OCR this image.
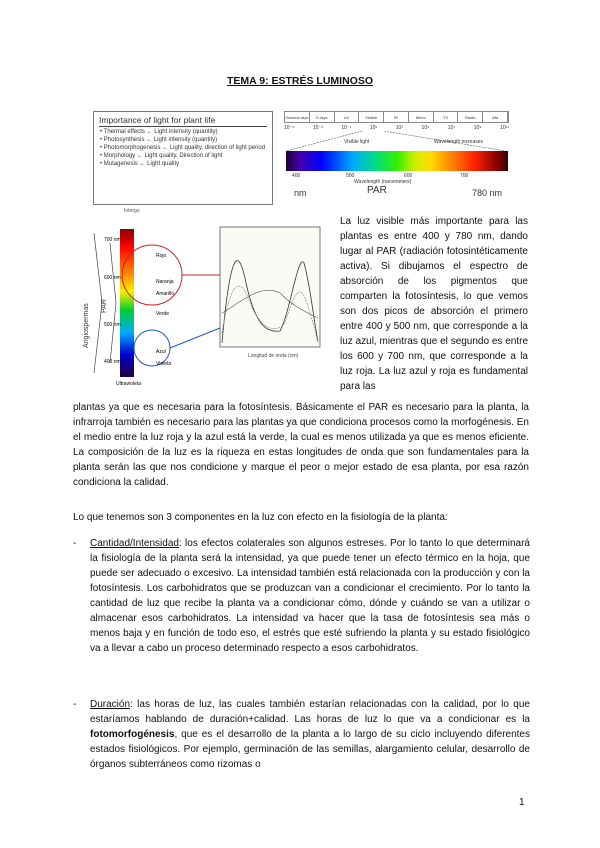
TEMA 9: ESTRÉS LUMINOSO
Importance of light for plant life
• Thermal effects ← Light intensity (quantity)
• Photosynthesis ← Light intensity (quantity)
• Photomorphogenesis ← Light quality, direction of light period
• Morphology ← Light quality, Direction of light
• Mutagenesis ← Light quality
Intergo
Gamma rays	X-rays	UV	Visible	IR	Micro	TV	Radio	AM
10⁻⁵	10⁻³	10⁻¹	10¹	10³	10⁵	10⁷	10⁹	10¹¹
Visible light	Wavelength increases
400	500	600	700
Wavelength (nanometers)
nm	PAR	780 nm
Angiospermas PAR
700 nm
600 nm
500 nm
400 nm
Rojo
Naranja
Amarillo
Verde
Azul
Violeta
Ultravioleta
Longitud de onda (nm)
La luz visible más importante para las plantas es entre 400 y 780 nm, dando lugar al PAR (radiación fotosintéticamente activa). Si dibujamos el espectro de absorción de los pigmentos que comparten la fotosíntesis, lo que vemos son dos picos de absorción el primero entre 400 y 500 nm, que corresponde a la luz azul, mientras que el segundo es entre los 600 y 700 nm, que corresponde a la luz roja. La luz azul y roja es fundamental para las
plantas ya que es necesaria para la fotosíntesis. Básicamente el PAR es necesario para la planta, la infrarroja también es necesario para las plantas ya que condiciona procesos como la morfogénesis. En el medio entre la luz roja y la azul está la verde, la cual es menos utilizada ya que es menos eficiente. La composición de la luz es la riqueza en estas longitudes de onda que son fundamentales para la planta serán las que nos condicione y marque el peor o mejor estado de esa planta, por esa razón condiciona la calidad.
Lo que tenemos son 3 componentes en la luz con efecto en la fisiología de la planta:
- Cantidad/Intensidad: los efectos colaterales son algunos estreses. Por lo tanto lo que determinará la fisiología de la planta será la intensidad, ya que puede tener un efecto térmico en la hoja, que puede ser adecuado o excesivo. La intensidad también está relacionada con la producción y con la fotosíntesis. Los carbohidratos que se produzcan van a condicionar el crecimiento. Por lo tanto la cantidad de luz que recibe la planta va a condicionar cómo, dónde y cuándo se van a utilizar o almacenar esos carbohidratos. La intensidad va hacer que la tasa de fotosíntesis sea más o menos baja y en función de todo eso, el estrés que esté sufriendo la planta y su estado fisiológico va a llevar a cabo un proceso determinado respecto a esos carbohidratos.
- Duración: las horas de luz, las cuales también estarían relacionadas con la calidad, por lo que estaríamos hablando de duración+calidad. Las horas de luz lo que va a condicionar es la fotomorfogénesis, que es el desarrollo de la planta a lo largo de su ciclo incluyendo diferentes estados fisiológicos. Por ejemplo, germinación de las semillas, alargamiento celular, desarrollo de órganos subterráneos como rizomas o
1
